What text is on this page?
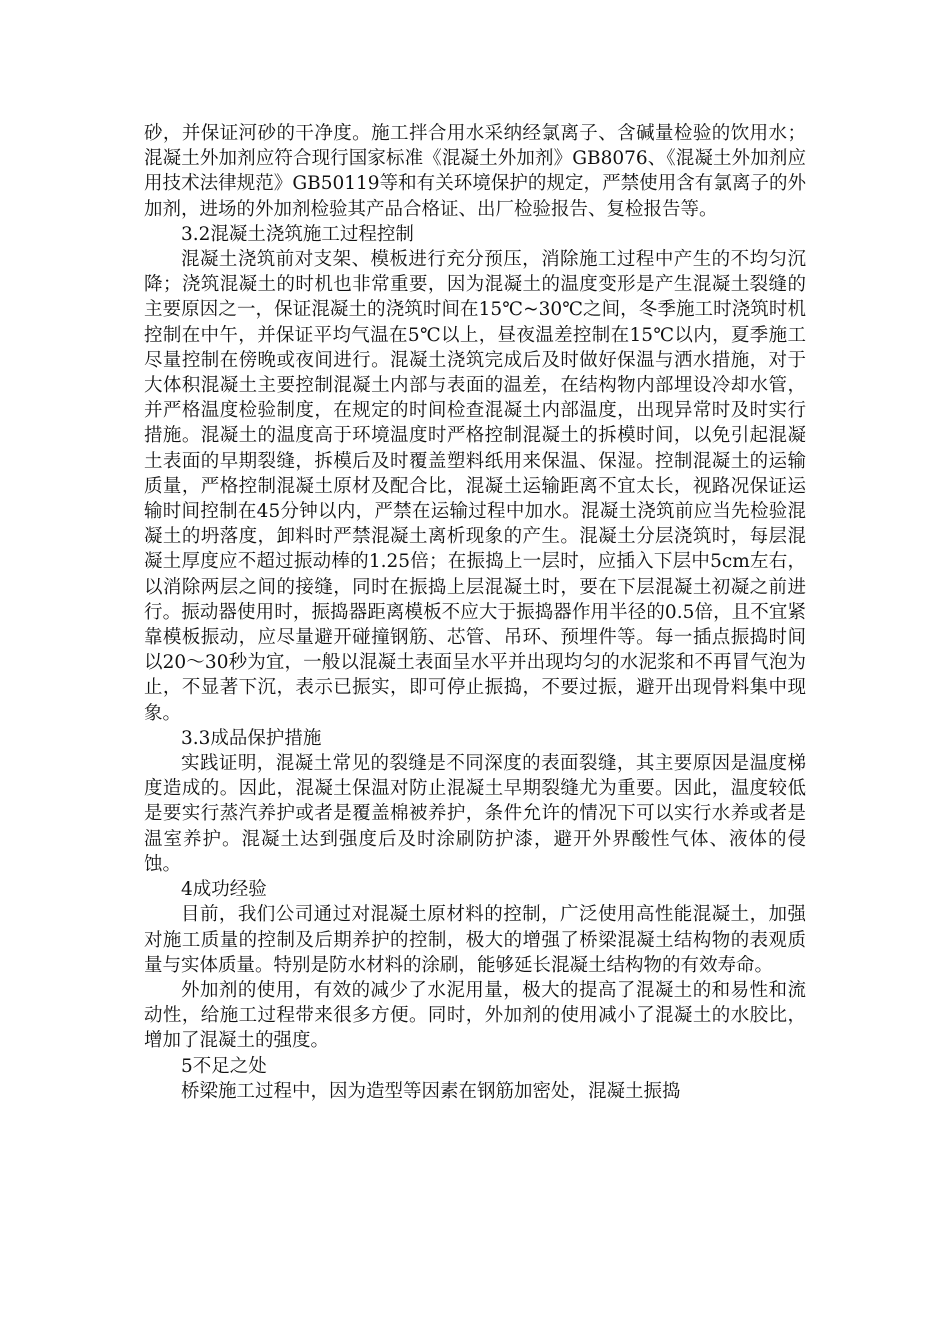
砂，并保证河砂的干净度。施工拌合用水采纳经氯离子、含碱量检验的饮用水；混凝土外加剂应符合现行国家标准《混凝土外加剂》GB8076、《混凝土外加剂应用技术法律规范》GB50119等和有关环境保护的规定，严禁使用含有氯离子的外加剂，进场的外加剂检验其产品合格证、出厂检验报告、复检报告等。

3.2混凝土浇筑施工过程控制

混凝土浇筑前对支架、模板进行充分预压，消除施工过程中产生的不均匀沉降；浇筑混凝土的时机也非常重要，因为混凝土的温度变形是产生混凝土裂缝的主要原因之一，保证混凝土的浇筑时间在15℃~30℃之间，冬季施工时浇筑时机控制在中午，并保证平均气温在5℃以上，昼夜温差控制在15℃以内，夏季施工尽量控制在傍晚或夜间进行。混凝土浇筑完成后及时做好保温与洒水措施，对于大体积混凝土主要控制混凝土内部与表面的温差，在结构物内部埋设冷却水管，并严格温度检验制度，在规定的时间检查混凝土内部温度，出现异常时及时实行措施。混凝土的温度高于环境温度时严格控制混凝土的拆模时间，以免引起混凝土表面的早期裂缝，拆模后及时覆盖塑料纸用来保温、保湿。控制混凝土的运输质量，严格控制混凝土原材及配合比，混凝土运输距离不宜太长，视路况保证运输时间控制在45分钟以内，严禁在运输过程中加水。混凝土浇筑前应当先检验混凝土的坍落度，卸料时严禁混凝土离析现象的产生。混凝土分层浇筑时，每层混凝土厚度应不超过振动棒的1.25倍；在振捣上一层时，应插入下层中5cm左右，以消除两层之间的接缝，同时在振捣上层混凝土时，要在下层混凝土初凝之前进行。振动器使用时，振捣器距离模板不应大于振捣器作用半径的0.5倍，且不宜紧靠模板振动，应尽量避开碰撞钢筋、芯管、吊环、预埋件等。每一插点振捣时间以20～30秒为宜，一般以混凝土表面呈水平并出现均匀的水泥浆和不再冒气泡为止，不显著下沉，表示已振实，即可停止振捣，不要过振，避开出现骨料集中现象。

3.3成品保护措施

实践证明，混凝土常见的裂缝是不同深度的表面裂缝，其主要原因是温度梯度造成的。因此，混凝土保温对防止混凝土早期裂缝尤为重要。因此，温度较低是要实行蒸汽养护或者是覆盖棉被养护，条件允许的情况下可以实行水养或者是温室养护。混凝土达到强度后及时涂刷防护漆，避开外界酸性气体、液体的侵蚀。

4成功经验

目前，我们公司通过对混凝土原材料的控制，广泛使用高性能混凝土，加强对施工质量的控制及后期养护的控制，极大的增强了桥梁混凝土结构物的表观质量与实体质量。特别是防水材料的涂刷，能够延长混凝土结构物的有效寿命。

外加剂的使用，有效的减少了水泥用量，极大的提高了混凝土的和易性和流动性，给施工过程带来很多方便。同时，外加剂的使用减小了混凝土的水胶比，增加了混凝土的强度。

5不足之处

桥梁施工过程中，因为造型等因素在钢筋加密处，混凝土振捣
